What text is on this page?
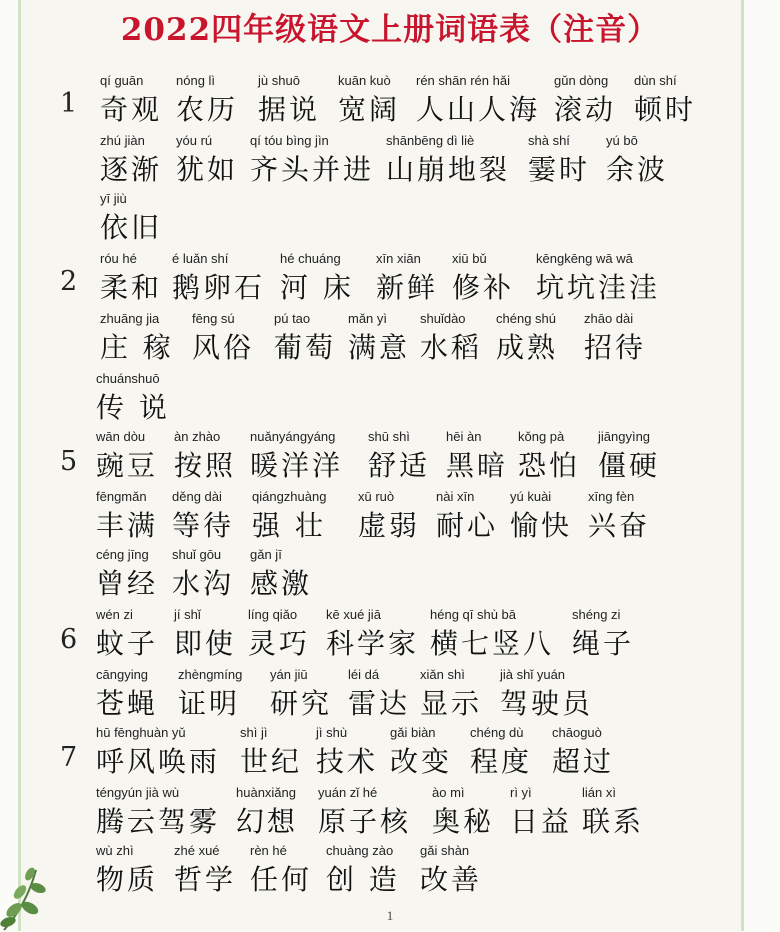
2022四年级语文上册词语表（注音）
1
2
5
6
7
qí guān
奇观
nóng lì
农历
jù shuō
据说
kuān kuò
宽阔
rén shān rén hǎi
人山人海
gǔn dòng
滚动
dùn shí
顿时
zhú jiàn
逐渐
yóu rú
犹如
qí tóu bìng jìn
齐头并进
shānbēng dì liè
山崩地裂
shà shí
霎时
yú bō
余波
yī jiù
依旧
róu hé
柔和
é luǎn shí
鹅卵石
hé chuáng
河 床
xīn xiān
新鲜
xiū bǔ
修补
kēngkēng wā wā
坑坑洼洼
zhuāng jia
庄 稼
fēng sú
风俗
pú tao
葡萄
mǎn yì
满意
shuǐdào
水稻
chéng shú
成熟
zhāo dài
招待
chuánshuō
传 说
wān dòu
豌豆
àn zhào
按照
nuǎnyángyáng
暖洋洋
shū shì
舒适
hēi àn
黑暗
kǒng pà
恐怕
jiāngyìng
僵硬
fēngmǎn
丰满
děng dài
等待
qiángzhuàng
强 壮
xū ruò
虚弱
nài xīn
耐心
yú kuài
愉快
xīng fèn
兴奋
céng jīng
曾经
shuǐ gōu
水沟
gǎn jī
感激
wén zi
蚊子
jí shǐ
即使
líng qiǎo
灵巧
kē xué jiā
科学家
héng qī shù bā
横七竖八
shéng zi
绳子
cāngying
苍蝇
zhèngmíng
证明
yán jiū
研究
léi dá
雷达
xiǎn shì
显示
jià shǐ yuán
驾驶员
hū fēnghuàn yǔ
呼风唤雨
shì jì
世纪
jì shù
技术
gǎi biàn
改变
chéng dù
程度
chāoguò
超过
téngyún jià wù
腾云驾雾
huànxiǎng
幻想
yuán zǐ hé
原子核
ào mì
奥秘
rì yì
日益
lián xì
联系
wù zhì
物质
zhé xué
哲学
rèn hé
任何
chuàng zào
创 造
gǎi shàn
改善
1
